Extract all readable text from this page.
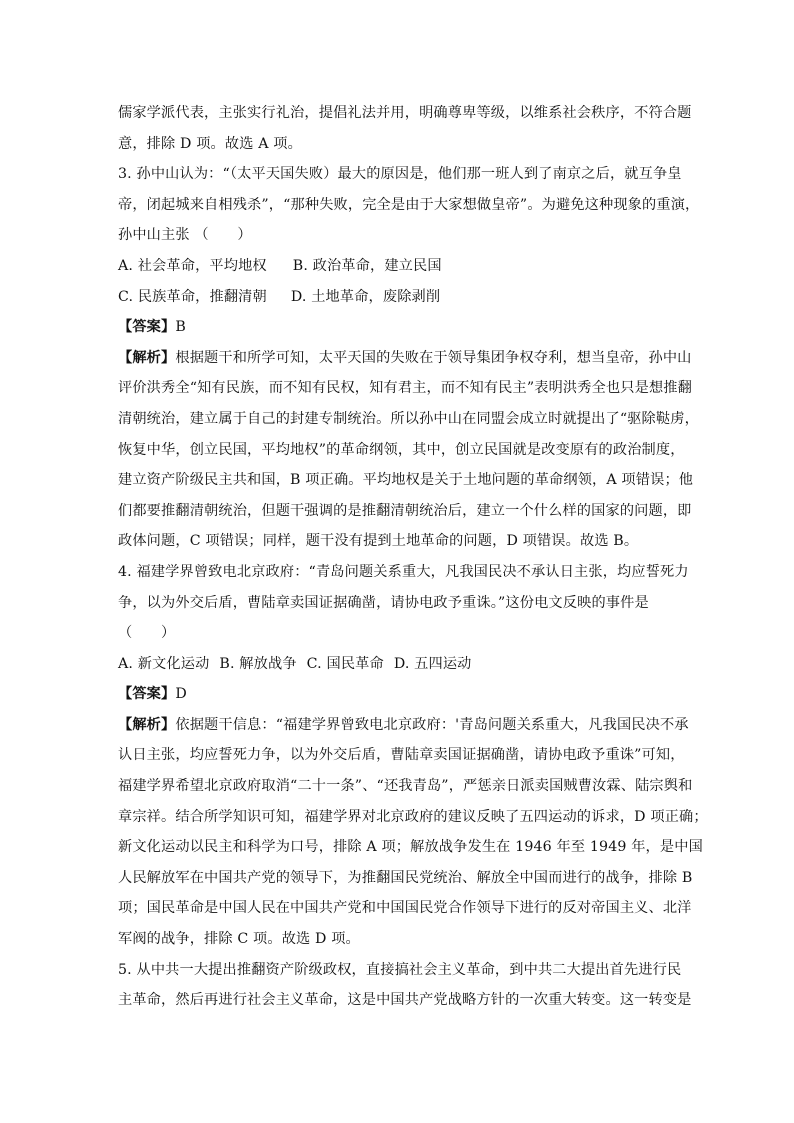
儒家学派代表，主张实行礼治，提倡礼法并用，明确尊卑等级，以维系社会秩序，不符合题
意，排除 D 项。故选 A 项。
3. 孙中山认为：“（太平天国失败）最大的原因是，他们那一班人到了南京之后，就互争皇
帝，闭起城来自相残杀”，“那种失败，完全是由于大家想做皇帝”。为避免这种现象的重演，
孙中山主张 （　　）
A. 社会革命，平均地权 B. 政治革命，建立民国
C. 民族革命，推翻清朝 D. 土地革命，废除剥削
【答案】B
【解析】根据题干和所学可知，太平天国的失败在于领导集团争权夺利，想当皇帝，孙中山
评价洪秀全“知有民族，而不知有民权，知有君主，而不知有民主”表明洪秀全也只是想推翻
清朝统治，建立属于自己的封建专制统治。所以孙中山在同盟会成立时就提出了“驱除鞑虏，
恢复中华，创立民国，平均地权”的革命纲领，其中，创立民国就是改变原有的政治制度，
建立资产阶级民主共和国，B 项正确。平均地权是关于土地问题的革命纲领，A 项错误；他
们都要推翻清朝统治，但题干强调的是推翻清朝统治后，建立一个什么样的国家的问题，即
政体问题，C 项错误；同样，题干没有提到土地革命的问题，D 项错误。故选 B。
4. 福建学界曾致电北京政府：“青岛问题关系重大，凡我国民决不承认日主张，均应誓死力
争，以为外交后盾，曹陆章卖国证据确凿，请协电政予重诛。”这份电文反映的事件是
（　　）
A. 新文化运动 B. 解放战争 C. 国民革命 D. 五四运动
【答案】D
【解析】依据题干信息：“福建学界曾致电北京政府：'青岛问题关系重大，凡我国民决不承
认日主张，均应誓死力争，以为外交后盾，曹陆章卖国证据确凿，请协电政予重诛”可知，
福建学界希望北京政府取消“二十一条”、“还我青岛”，严惩亲日派卖国贼曹汝霖、陆宗舆和
章宗祥。结合所学知识可知，福建学界对北京政府的建议反映了五四运动的诉求，D 项正确；
新文化运动以民主和科学为口号，排除 A 项；解放战争发生在 1946 年至 1949 年，是中国
人民解放军在中国共产党的领导下，为推翻国民党统治、解放全中国而进行的战争，排除 B
项；国民革命是中国人民在中国共产党和中国国民党合作领导下进行的反对帝国主义、北洋
军阀的战争，排除 C 项。故选 D 项。
5. 从中共一大提出推翻资产阶级政权，直接搞社会主义革命，到中共二大提出首先进行民
主革命，然后再进行社会主义革命，这是中国共产党战略方针的一次重大转变。这一转变是
